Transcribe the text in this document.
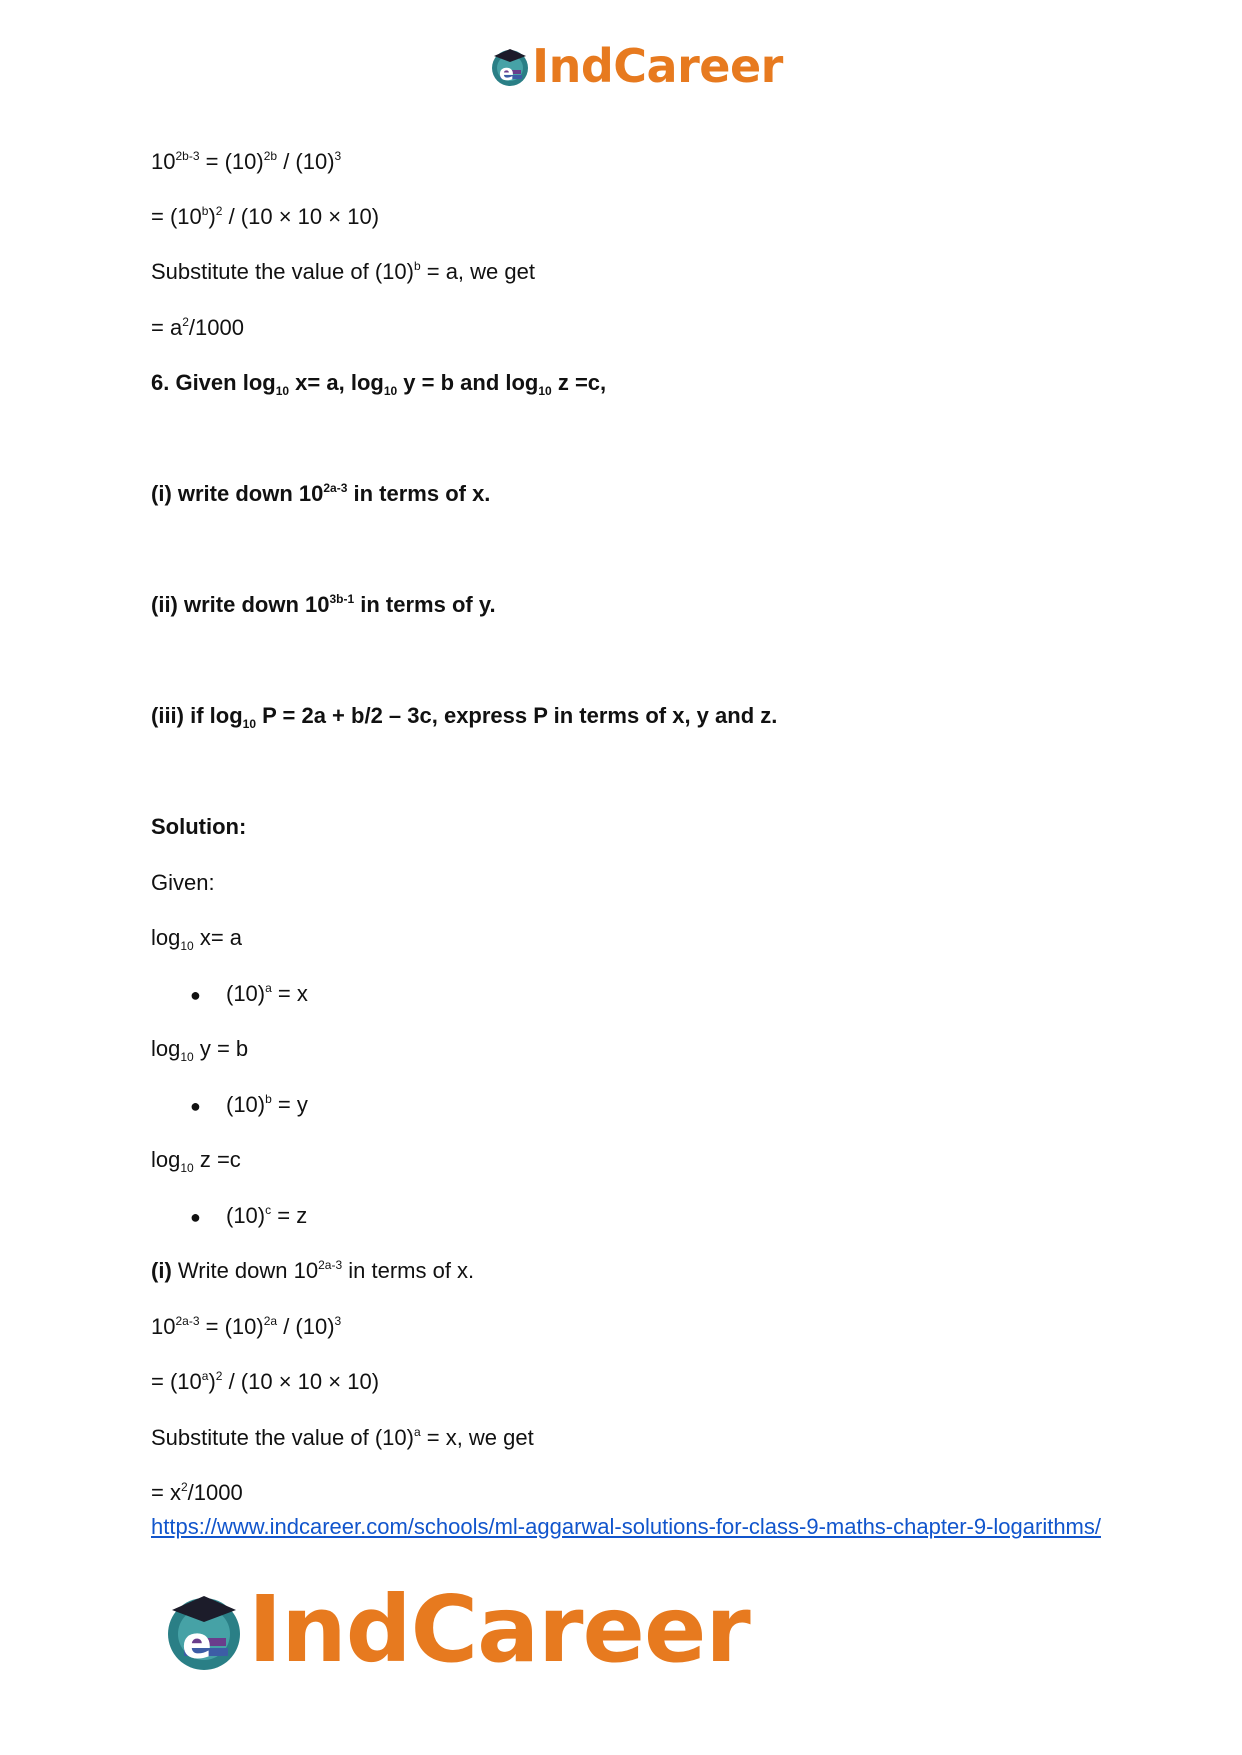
e IndCareer
$10^{2b-3} = (10)^{2b} / (10)^3$
= $(10^b)^2 / (10 \times 10 \times 10)$
Substitute the value of $(10)^b = a$, we get
= $a^2/1000$
6. Given $\log_{10} x= a$, $\log_{10} y = b$ and $\log_{10} z =c$,
(i) write down $10^{2a-3}$ in terms of x.
(ii) write down $10^{3b-1}$ in terms of y.
(iii) if $\log_{10} P = 2a + b/2 - 3c$, express P in terms of x, y and z.
Solution:
Given:
$\log_{10} x= a$
● $(10)^a = x$
$\log_{10} y = b$
● $(10)^b = y$
$\log_{10} z =c$
● $(10)^c = z$
(i) Write down $10^{2a-3}$ in terms of x.
$10^{2a-3} = (10)^{2a} / (10)^3$
= $(10^a)^2 / (10 \times 10 \times 10)$
Substitute the value of $(10)^a = x$, we get
= $x^2/1000$
https://www.indcareer.com/schools/ml-aggarwal-solutions-for-class-9-maths-chapter-9-logarithms/
e IndCareer
